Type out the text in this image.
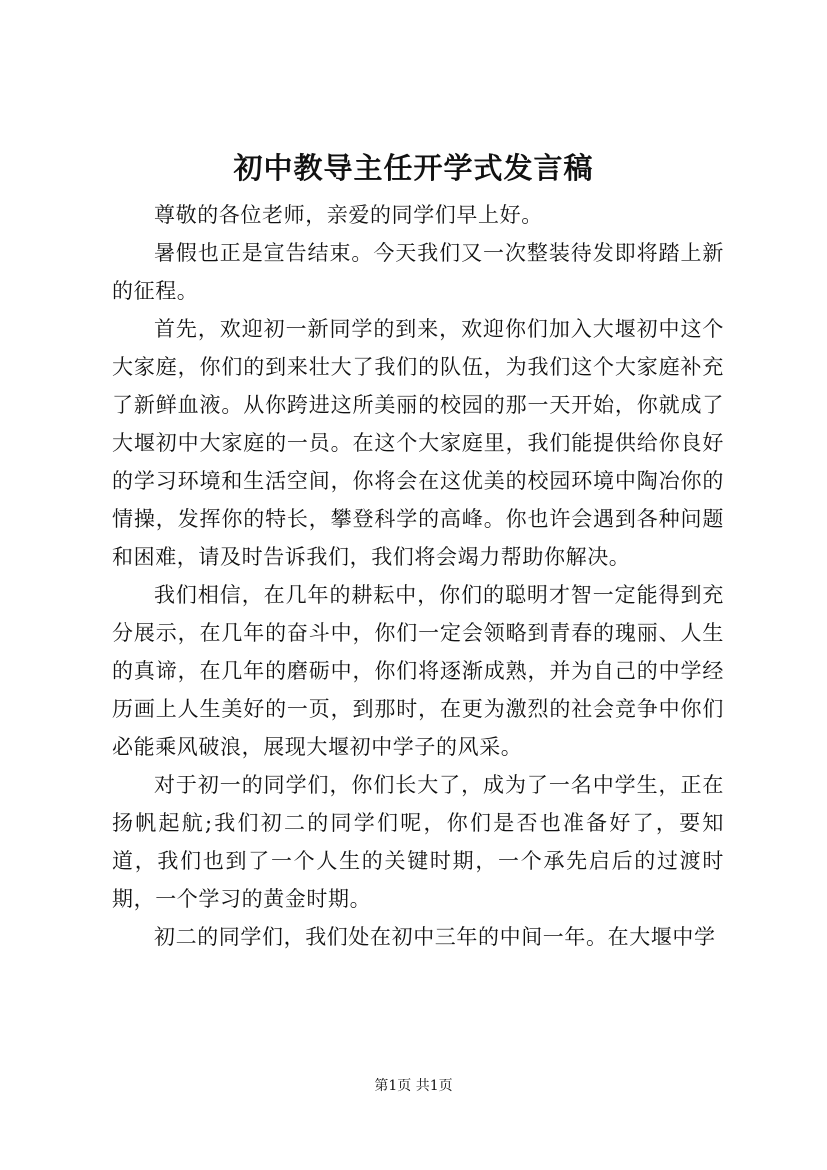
初中教导主任开学式发言稿

尊敬的各位老师，亲爱的同学们早上好。

暑假也正是宣告结束。今天我们又一次整装待发即将踏上新的征程。

首先，欢迎初一新同学的到来，欢迎你们加入大堰初中这个大家庭，你们的到来壮大了我们的队伍，为我们这个大家庭补充了新鲜血液。从你跨进这所美丽的校园的那一天开始，你就成了大堰初中大家庭的一员。在这个大家庭里，我们能提供给你良好的学习环境和生活空间，你将会在这优美的校园环境中陶冶你的情操，发挥你的特长，攀登科学的高峰。你也许会遇到各种问题和困难，请及时告诉我们，我们将会竭力帮助你解决。

我们相信，在几年的耕耘中，你们的聪明才智一定能得到充分展示，在几年的奋斗中，你们一定会领略到青春的瑰丽、人生的真谛，在几年的磨砺中，你们将逐渐成熟，并为自己的中学经历画上人生美好的一页，到那时，在更为激烈的社会竞争中你们必能乘风破浪，展现大堰初中学子的风采。

对于初一的同学们，你们长大了，成为了一名中学生，正在扬帆起航;我们初二的同学们呢，你们是否也准备好了，要知道，我们也到了一个人生的关键时期，一个承先启后的过渡时期，一个学习的黄金时期。

初二的同学们，我们处在初中三年的中间一年。在大堰中学

第1页 共1页
